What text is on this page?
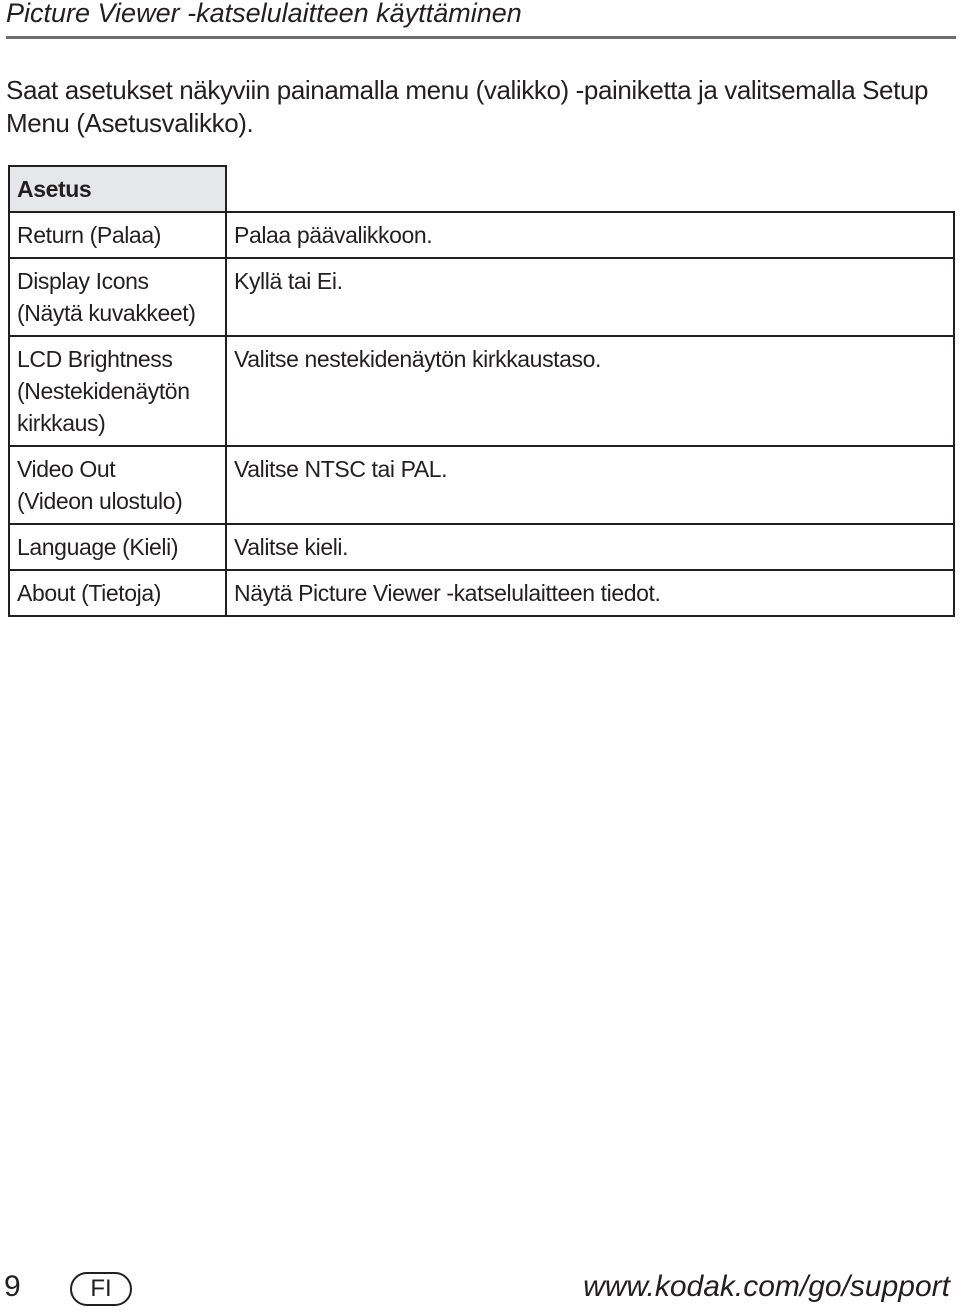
Picture Viewer -katselulaitteen käyttäminen

Saat asetukset näkyviin painamalla menu (valikko) -painiketta ja valitsemalla Setup Menu (Asetusvalikko).

Asetus	
Return (Palaa)	Palaa päävalikkoon.
Display Icons (Näytä kuvakkeet)	Kyllä tai Ei.
LCD Brightness (Nestekidenäytön kirkkaus)	Valitse nestekidenäytön kirkkaustaso.
Video Out (Videon ulostulo)	Valitse NTSC tai PAL.
Language (Kieli)	Valitse kieli.
About (Tietoja)	Näytä Picture Viewer -katselulaitteen tiedot.
9	FI	www.kodak.com/go/support
